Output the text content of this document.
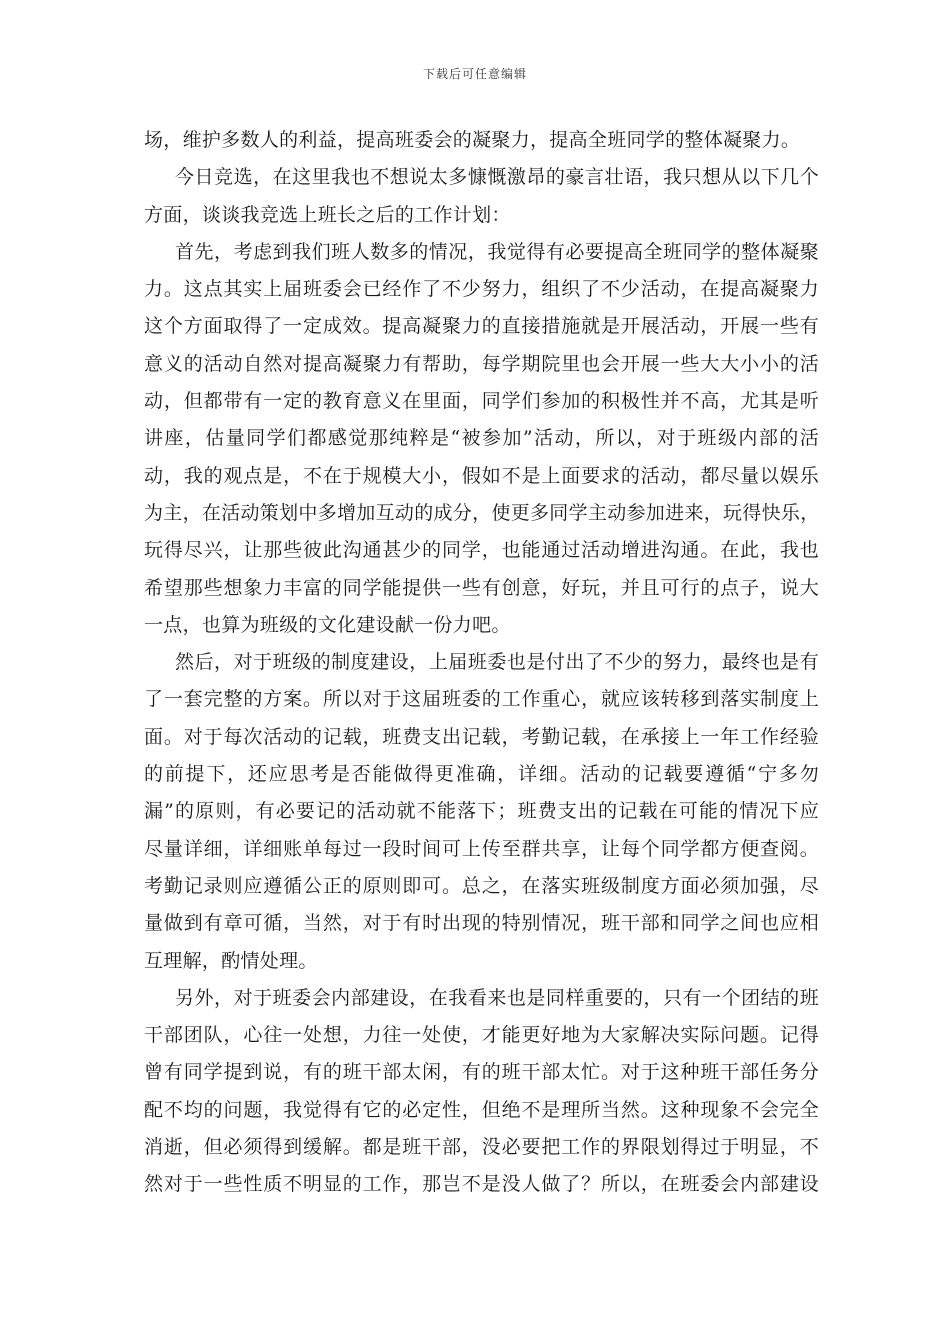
下载后可任意编辑
场，维护多数人的利益，提高班委会的凝聚力，提高全班同学的整体凝聚力。
今日竞选，在这里我也不想说太多慷慨激昂的豪言壮语，我只想从以下几个
方面，谈谈我竞选上班长之后的工作计划：
首先，考虑到我们班人数多的情况，我觉得有必要提高全班同学的整体凝聚
力。这点其实上届班委会已经作了不少努力，组织了不少活动，在提高凝聚力
这个方面取得了一定成效。提高凝聚力的直接措施就是开展活动，开展一些有
意义的活动自然对提高凝聚力有帮助，每学期院里也会开展一些大大小小的活
动，但都带有一定的教育意义在里面，同学们参加的积极性并不高，尤其是听
讲座，估量同学们都感觉那纯粹是“被参加”活动，所以，对于班级内部的活
动，我的观点是，不在于规模大小，假如不是上面要求的活动，都尽量以娱乐
为主，在活动策划中多增加互动的成分，使更多同学主动参加进来，玩得快乐，
玩得尽兴，让那些彼此沟通甚少的同学，也能通过活动增进沟通。在此，我也
希望那些想象力丰富的同学能提供一些有创意，好玩，并且可行的点子，说大
一点，也算为班级的文化建设献一份力吧。
然后，对于班级的制度建设，上届班委也是付出了不少的努力，最终也是有
了一套完整的方案。所以对于这届班委的工作重心，就应该转移到落实制度上
面。对于每次活动的记载，班费支出记载，考勤记载，在承接上一年工作经验
的前提下，还应思考是否能做得更准确，详细。活动的记载要遵循“宁多勿
漏”的原则，有必要记的活动就不能落下；班费支出的记载在可能的情况下应
尽量详细，详细账单每过一段时间可上传至群共享，让每个同学都方便查阅。
考勤记录则应遵循公正的原则即可。总之，在落实班级制度方面必须加强，尽
量做到有章可循，当然，对于有时出现的特别情况，班干部和同学之间也应相
互理解，酌情处理。
另外，对于班委会内部建设，在我看来也是同样重要的，只有一个团结的班
干部团队，心往一处想，力往一处使，才能更好地为大家解决实际问题。记得
曾有同学提到说，有的班干部太闲，有的班干部太忙。对于这种班干部任务分
配不均的问题，我觉得有它的必定性，但绝不是理所当然。这种现象不会完全
消逝，但必须得到缓解。都是班干部，没必要把工作的界限划得过于明显，不
然对于一些性质不明显的工作，那岂不是没人做了？所以，在班委会内部建设
